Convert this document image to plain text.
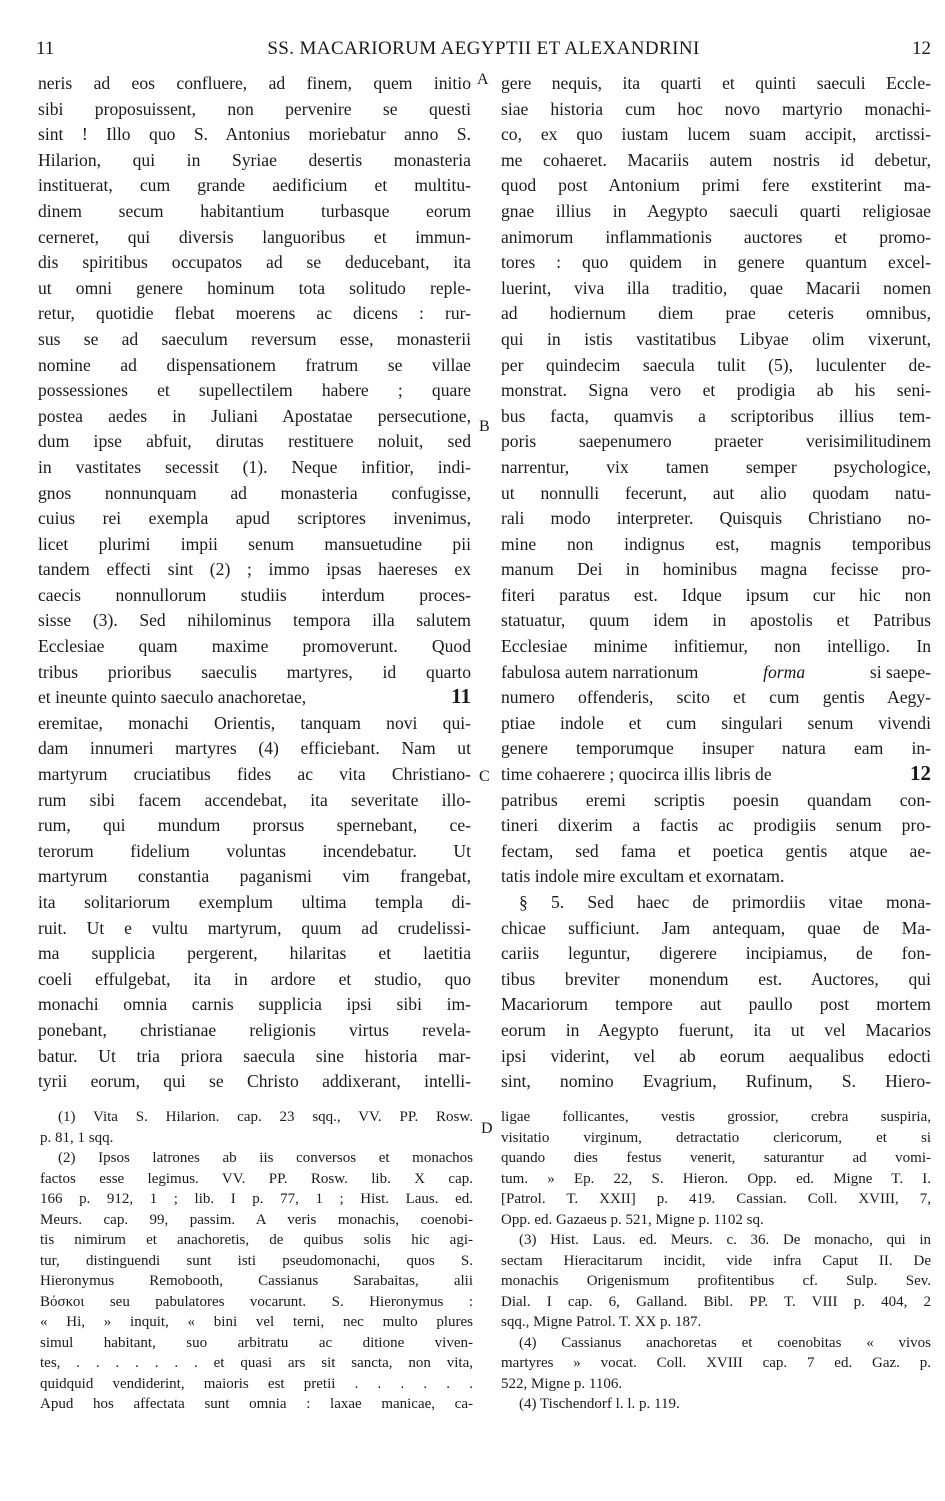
11	SS. MACARIORUM AEGYPTII ET ALEXANDRINI	12
A
B
C
D
neris ad eos confluere, ad finem, quem initio
sibi proposuissent, non pervenire se questi
sint ! Illo quo S. Antonius moriebatur anno S.
Hilarion, qui in Syriae desertis monasteria
instituerat, cum grande aedificium et multitu-
dinem secum habitantium turbasque eorum
cerneret, qui diversis languoribus et immun-
dis spiritibus occupatos ad se deducebant, ita
ut omni genere hominum tota solitudo reple-
retur, quotidie flebat moerens ac dicens : rur-
sus se ad saeculum reversum esse, monasterii
nomine ad dispensationem fratrum se villae
possessiones et supellectilem habere ; quare
postea aedes in Juliani Apostatae persecutione,
dum ipse abfuit, dirutas restituere noluit, sed
in vastitates secessit (1). Neque infitior, indi-
gnos nonnunquam ad monasteria confugisse,
cuius rei exempla apud scriptores invenimus,
licet plurimi impii senum mansuetudine pii
tandem effecti sint (2) ; immo ipsas haereses ex
caecis nonnullorum studiis interdum proces-
sisse (3). Sed nihilominus tempora illa salutem
Ecclesiae quam maxime promoverunt. Quod
tribus prioribus saeculis martyres, id quarto
et ineunte quinto saeculo anachoretae,	11
eremitae, monachi Orientis, tanquam novi qui-
dam innumeri martyres (4) efficiebant. Nam ut
martyrum cruciatibus fides ac vita Christiano-
rum sibi facem accendebat, ita severitate illo-
rum, qui mundum prorsus spernebant, ce-
terorum fidelium voluntas incendebatur. Ut
martyrum constantia paganismi vim frangebat,
ita solitariorum exemplum ultima templa di-
ruit. Ut e vultu martyrum, quum ad crudelissi-
ma supplicia pergerent, hilaritas et laetitia
coeli effulgebat, ita in ardore et studio, quo
monachi omnia carnis supplicia ipsi sibi im-
ponebant, christianae religionis virtus revela-
batur. Ut tria priora saecula sine historia mar-
tyrii eorum, qui se Christo addixerant, intelli-
gere nequis, ita quarti et quinti saeculi Eccle-
siae historia cum hoc novo martyrio monachi-
co, ex quo iustam lucem suam accipit, arctissi-
me cohaeret. Macariis autem nostris id debetur,
quod post Antonium primi fere exstiterint ma-
gnae illius in Aegypto saeculi quarti religiosae
animorum inflammationis auctores et promo-
tores : quo quidem in genere quantum excel-
luerint, viva illa traditio, quae Macarii nomen
ad hodiernum diem prae ceteris omnibus,
qui in istis vastitatibus Libyae olim vixerunt,
per quindecim saecula tulit (5), luculenter de-
monstrat. Signa vero et prodigia ab his seni-
bus facta, quamvis a scriptoribus illius tem-
poris saepenumero praeter verisimilitudinem
narrentur, vix tamen semper psychologice,
ut nonnulli fecerunt, aut alio quodam natu-
rali modo interpreter. Quisquis Christiano no-
mine non indignus est, magnis temporibus
manum Dei in hominibus magna fecisse pro-
fiteri paratus est. Idque ipsum cur hic non
statuatur, quum idem in apostolis et Patribus
Ecclesiae minime infitiemur, non intelligo. In
fabulosa autem narrationum	forma	si saepe-
numero offenderis, scito et cum gentis Aegy-
ptiae indole et cum singulari senum vivendi
genere temporumque insuper natura eam in-
time cohaerere ; quocirca illis libris de	12
patribus eremi scriptis poesin quandam con-
tineri dixerim a factis ac prodigiis senum pro-
fectam, sed fama et poetica gentis atque ae-
tatis indole mire excultam et exornatam.
§ 5. Sed haec de primordiis vitae mona-
chicae sufficiunt. Jam antequam, quae de Ma-
cariis leguntur, digerere incipiamus, de fon-
tibus breviter monendum est. Auctores, qui
Macariorum tempore aut paullo post mortem
eorum in Aegypto fuerunt, ita ut vel Macarios
ipsi viderint, vel ab eorum aequalibus edocti
sint, nomino Evagrium, Rufinum, S. Hiero-
(1) Vita S. Hilarion. cap. 23 sqq., VV. PP. Rosw.
p. 81, 1 sqq.
(2) Ipsos latrones ab iis conversos et monachos
factos esse legimus. VV. PP. Rosw. lib. X cap.
166 p. 912, 1 ; lib. I p. 77, 1 ; Hist. Laus. ed.
Meurs. cap. 99, passim. A veris monachis, coenobi-
tis nimirum et anachoretis, de quibus solis hic agi-
tur, distinguendi sunt isti pseudomonachi, quos S.
Hieronymus Remobooth, Cassianus Sarabaitas, alii
Βόσκοι seu pabulatores vocarunt. S. Hieronymus :
« Hi, » inquit, « bini vel terni, nec multo plures
simul habitant, suo arbitratu ac ditione viven-
tes, . . . . . . . et quasi ars sit sancta, non vita,
quidquid vendiderint, maioris est pretii . . . . . .
Apud hos affectata sunt omnia : laxae manicae, ca-
ligae follicantes, vestis grossior, crebra suspiria,
visitatio virginum, detractatio clericorum, et si
quando dies festus venerit, saturantur ad vomi-
tum. » Ep. 22, S. Hieron. Opp. ed. Migne T. I.
[Patrol. T. XXII] p. 419. Cassian. Coll. XVIII, 7,
Opp. ed. Gazaeus p. 521, Migne p. 1102 sq.
(3) Hist. Laus. ed. Meurs. c. 36. De monacho, qui in
sectam Hieracitarum incidit, vide infra Caput II. De
monachis Origenismum profitentibus cf. Sulp. Sev.
Dial. I cap. 6, Galland. Bibl. PP. T. VIII p. 404, 2
sqq., Migne Patrol. T. XX p. 187.
(4) Cassianus anachoretas et coenobitas « vivos
martyres » vocat. Coll. XVIII cap. 7 ed. Gaz. p.
522, Migne p. 1106.
(4) Tischendorf l. l. p. 119.
